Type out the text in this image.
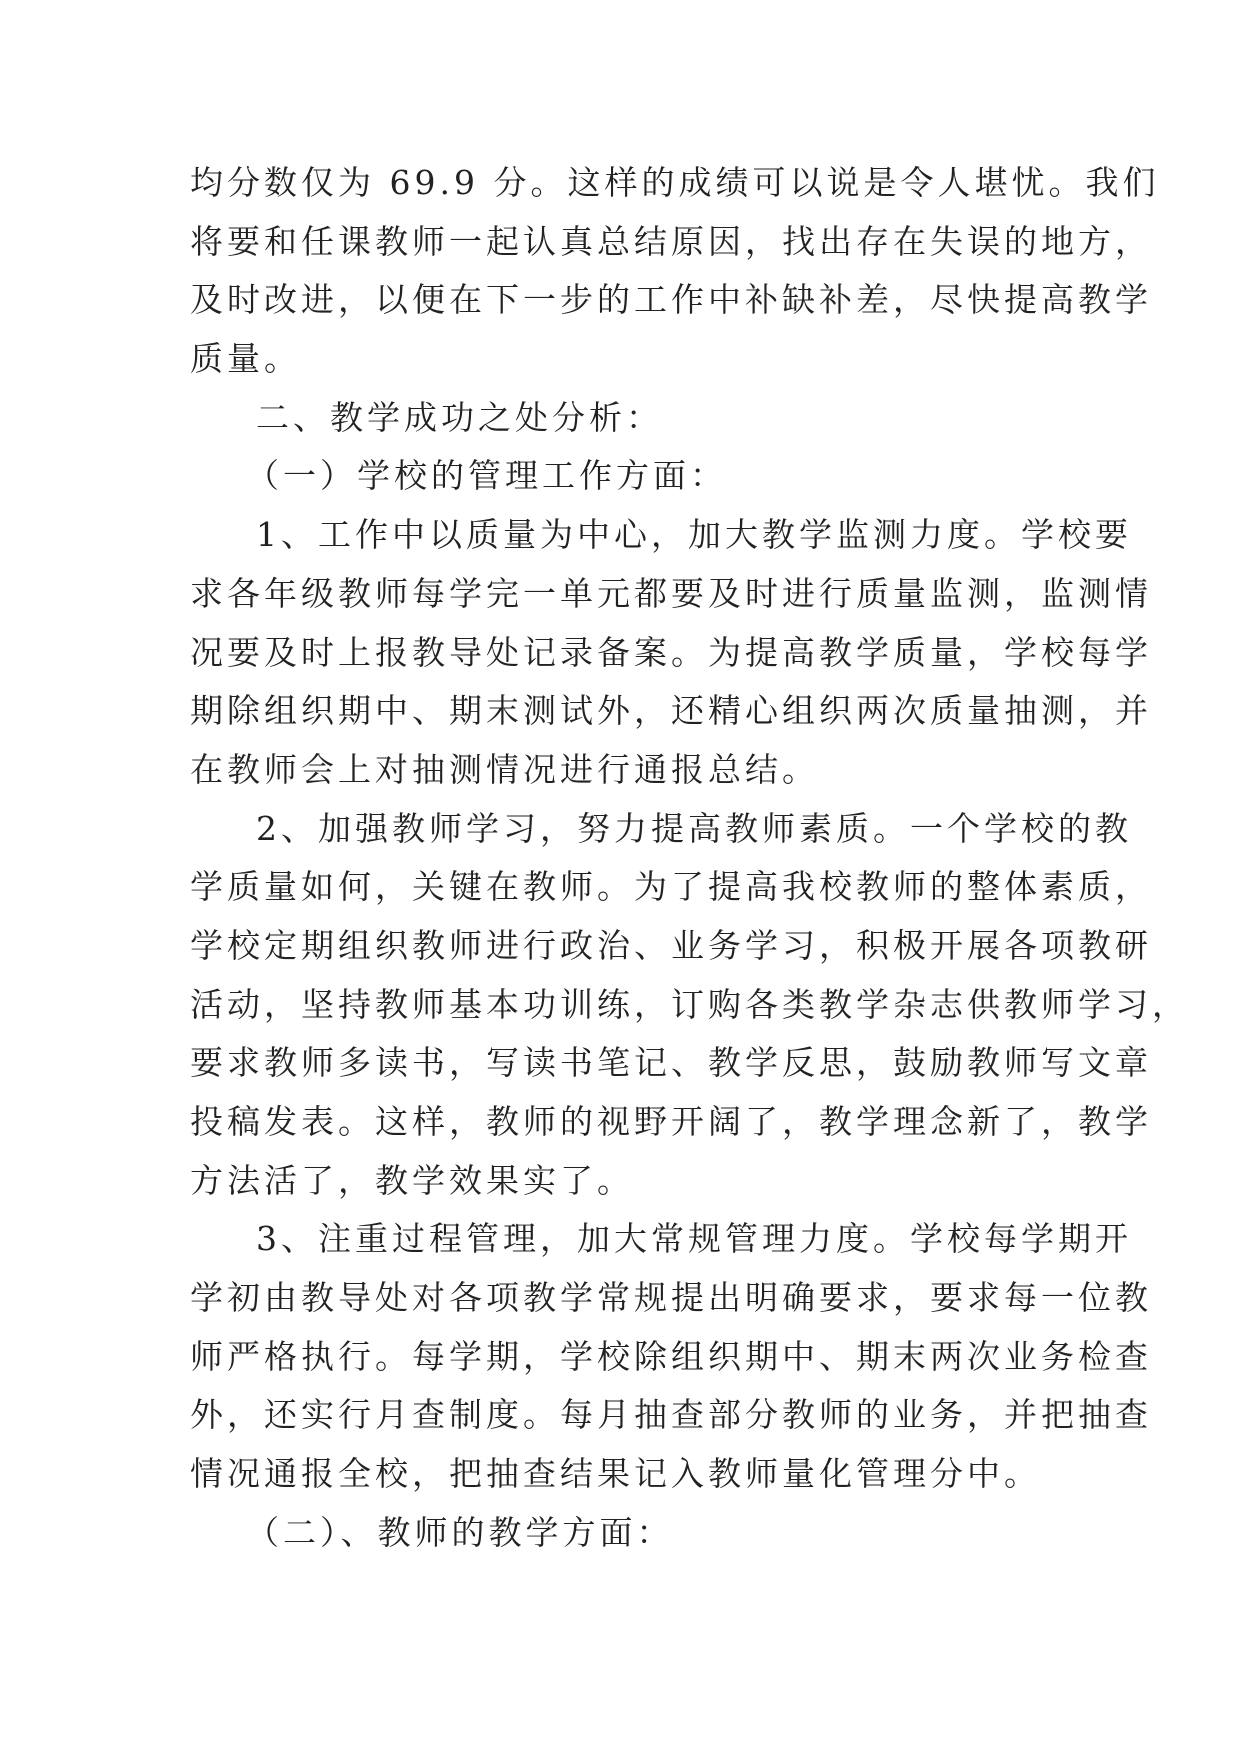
均分数仅为 69.9 分。这样的成绩可以说是令人堪忧。我们
将要和任课教师一起认真总结原因，找出存在失误的地方，
及时改进，以便在下一步的工作中补缺补差，尽快提高教学
质量。
二、教学成功之处分析：
（一）学校的管理工作方面：
1、工作中以质量为中心，加大教学监测力度。学校要
求各年级教师每学完一单元都要及时进行质量监测，监测情
况要及时上报教导处记录备案。为提高教学质量，学校每学
期除组织期中、期末测试外，还精心组织两次质量抽测，并
在教师会上对抽测情况进行通报总结。
2、加强教师学习，努力提高教师素质。一个学校的教
学质量如何，关键在教师。为了提高我校教师的整体素质，
学校定期组织教师进行政治、业务学习，积极开展各项教研
活动，坚持教师基本功训练，订购各类教学杂志供教师学习，
要求教师多读书，写读书笔记、教学反思，鼓励教师写文章
投稿发表。这样，教师的视野开阔了，教学理念新了，教学
方法活了，教学效果实了。
3、注重过程管理，加大常规管理力度。学校每学期开
学初由教导处对各项教学常规提出明确要求，要求每一位教
师严格执行。每学期，学校除组织期中、期末两次业务检查
外，还实行月查制度。每月抽查部分教师的业务，并把抽查
情况通报全校，把抽查结果记入教师量化管理分中。
（二）、教师的教学方面：
